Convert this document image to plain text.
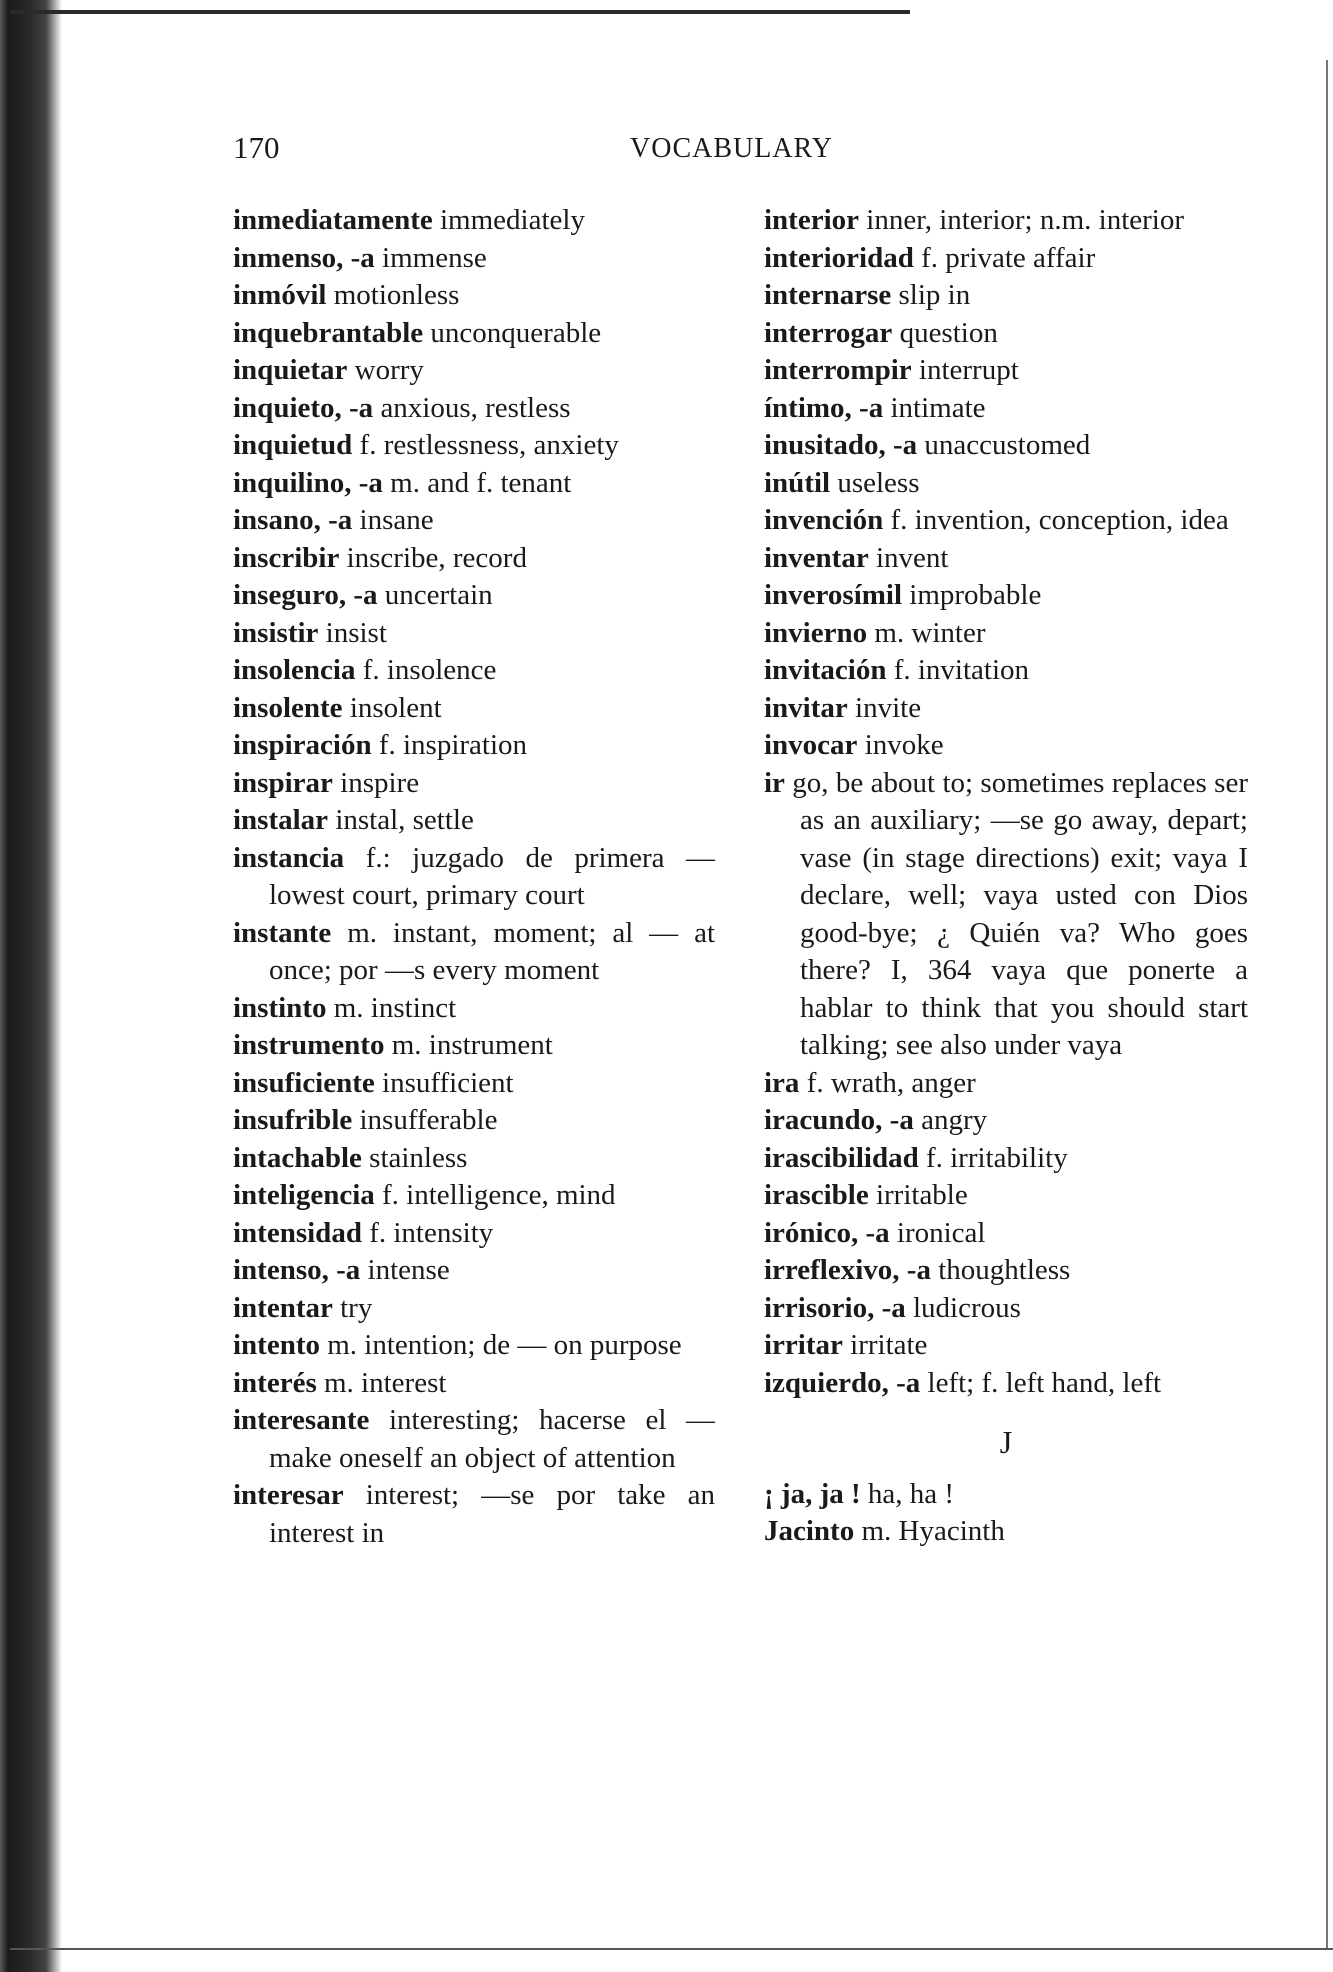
170	VOCABULARY
inmediatamente immediately
inmenso, -a immense
inmóvil motionless
inquebrantable unconquerable
inquietar worry
inquieto, -a anxious, restless
inquietud f. restlessness, anxiety
inquilino, -a m. and f. tenant
insano, -a insane
inscribir inscribe, record
inseguro, -a uncertain
insistir insist
insolencia f. insolence
insolente insolent
inspiración f. inspiration
inspirar inspire
instalar instal, settle
instancia f.: juzgado de primera — lowest court, primary court
instante m. instant, moment; al — at once; por —s every moment
instinto m. instinct
instrumento m. instrument
insuficiente insufficient
insufrible insufferable
intachable stainless
inteligencia f. intelligence, mind
intensidad f. intensity
intenso, -a intense
intentar try
intento m. intention; de — on purpose
interés m. interest
interesante interesting; hacerse el — make oneself an object of attention
interesar interest; —se por take an interest in
interior inner, interior; n.m. interior
interioridad f. private affair
internarse slip in
interrogar question
interrompir interrupt
íntimo, -a intimate
inusitado, -a unaccustomed
inútil useless
invención f. invention, conception, idea
inventar invent
inverosímil improbable
invierno m. winter
invitación f. invitation
invitar invite
invocar invoke
ir go, be about to; sometimes replaces ser as an auxiliary; —se go away, depart; vase (in stage directions) exit; vaya I declare, well; vaya usted con Dios good-bye; ¿ Quién va? Who goes there? I, 364 vaya que ponerte a hablar to think that you should start talking; see also under vaya
ira f. wrath, anger
iracundo, -a angry
irascibilidad f. irritability
irascible irritable
irónico, -a ironical
irreflexivo, -a thoughtless
irrisorio, -a ludicrous
irritar irritate
izquierdo, -a left; f. left hand, left
J
¡ ja, ja ! ha, ha !
Jacinto m. Hyacinth
